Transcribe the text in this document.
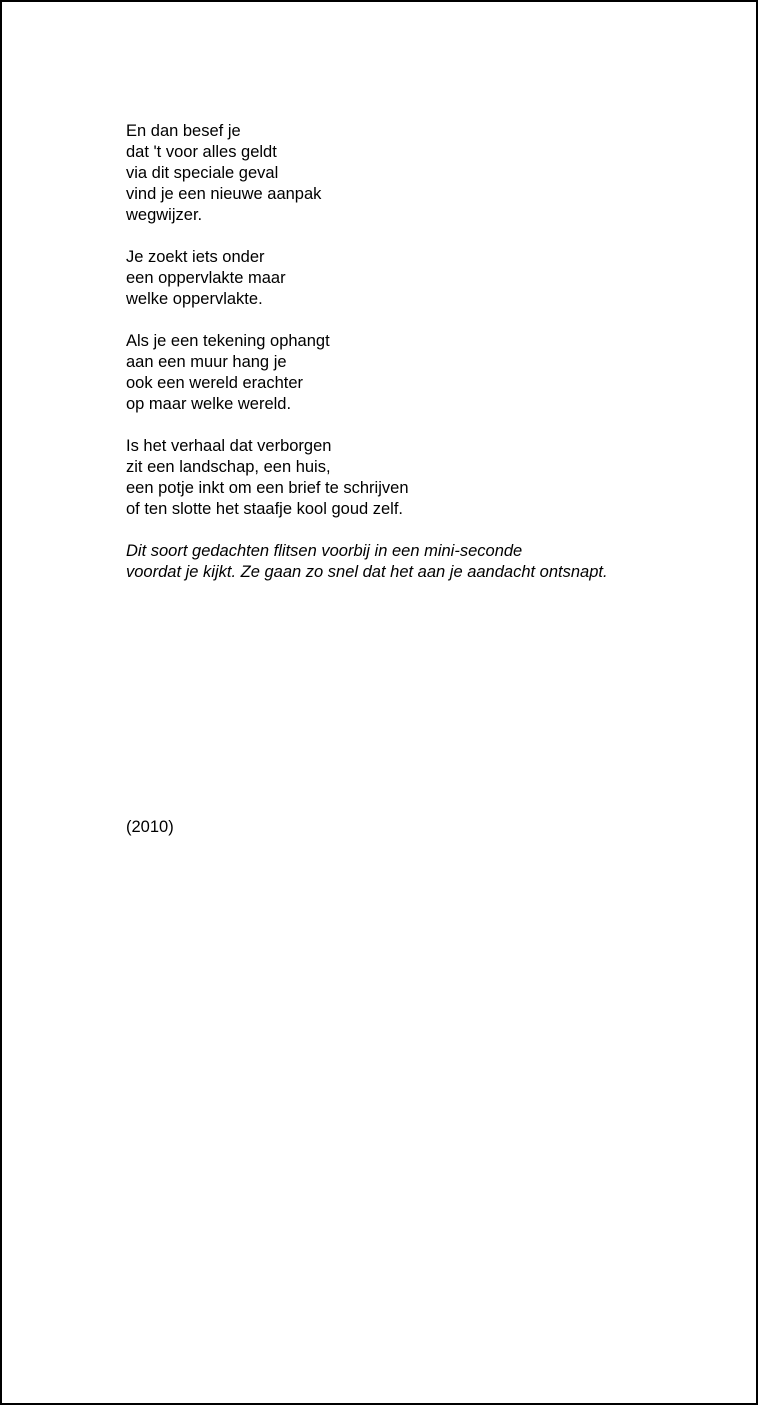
En dan besef je
dat 't voor alles geldt
via dit speciale geval
vind je een nieuwe aanpak
wegwijzer.
Je zoekt iets onder
een oppervlakte maar
welke oppervlakte.
Als je een tekening ophangt
aan een muur hang je
ook een wereld erachter
op maar welke wereld.
Is het verhaal dat verborgen
zit een landschap, een huis,
een potje inkt om een brief te schrijven
of ten slotte het staafje kool goud zelf.
Dit soort gedachten flitsen voorbij in een mini-seconde
voordat je kijkt. Ze gaan zo snel dat het aan je aandacht ontsnapt.
(2010)
